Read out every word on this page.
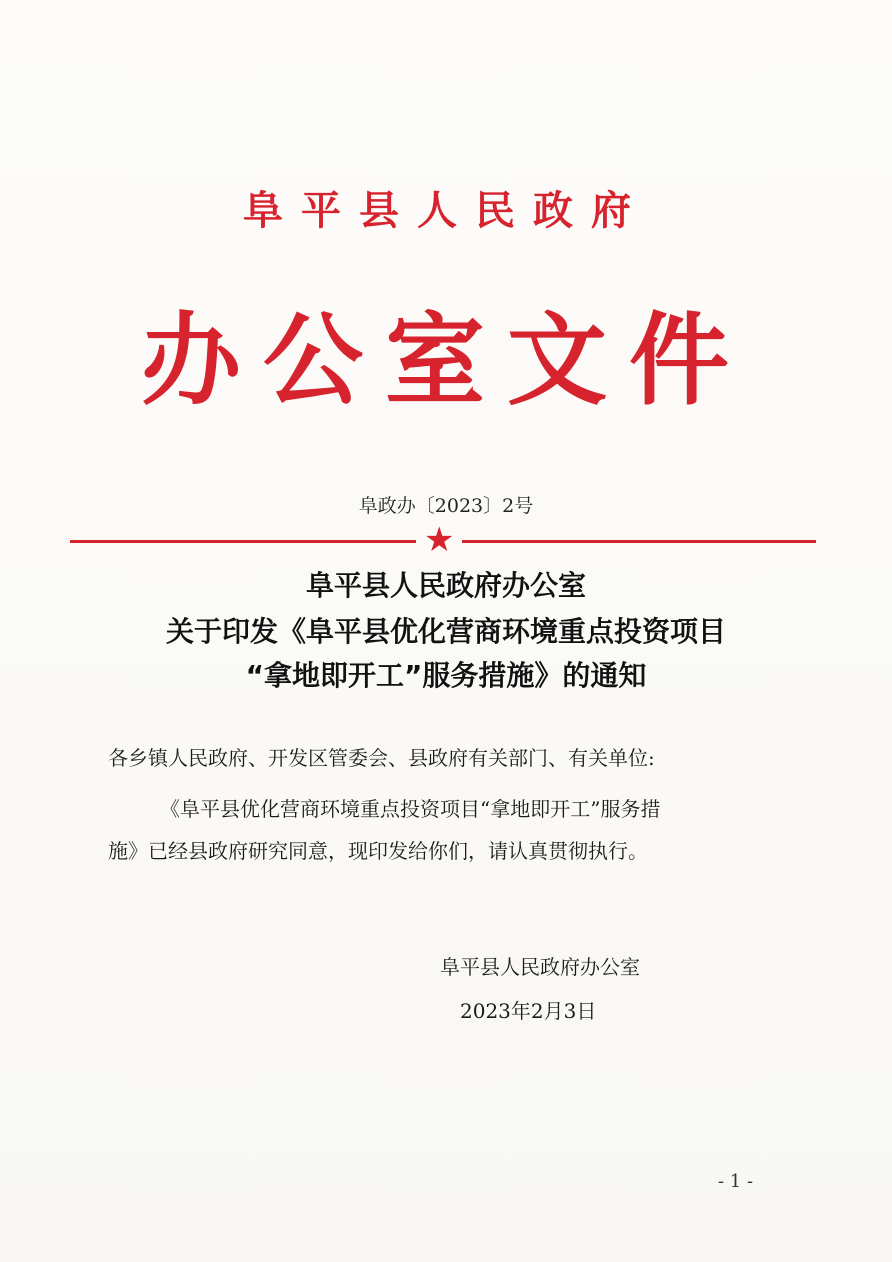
阜平县人民政府
办公室文件
阜政办〔2023〕2号
★
阜平县人民政府办公室
关于印发《阜平县优化营商环境重点投资项目
“拿地即开工”服务措施》的通知
各乡镇人民政府、开发区管委会、县政府有关部门、有关单位:
《阜平县优化营商环境重点投资项目“拿地即开工”服务措
施》已经县政府研究同意，现印发给你们，请认真贯彻执行。
阜平县人民政府办公室
2023年2月3日
- 1 -
